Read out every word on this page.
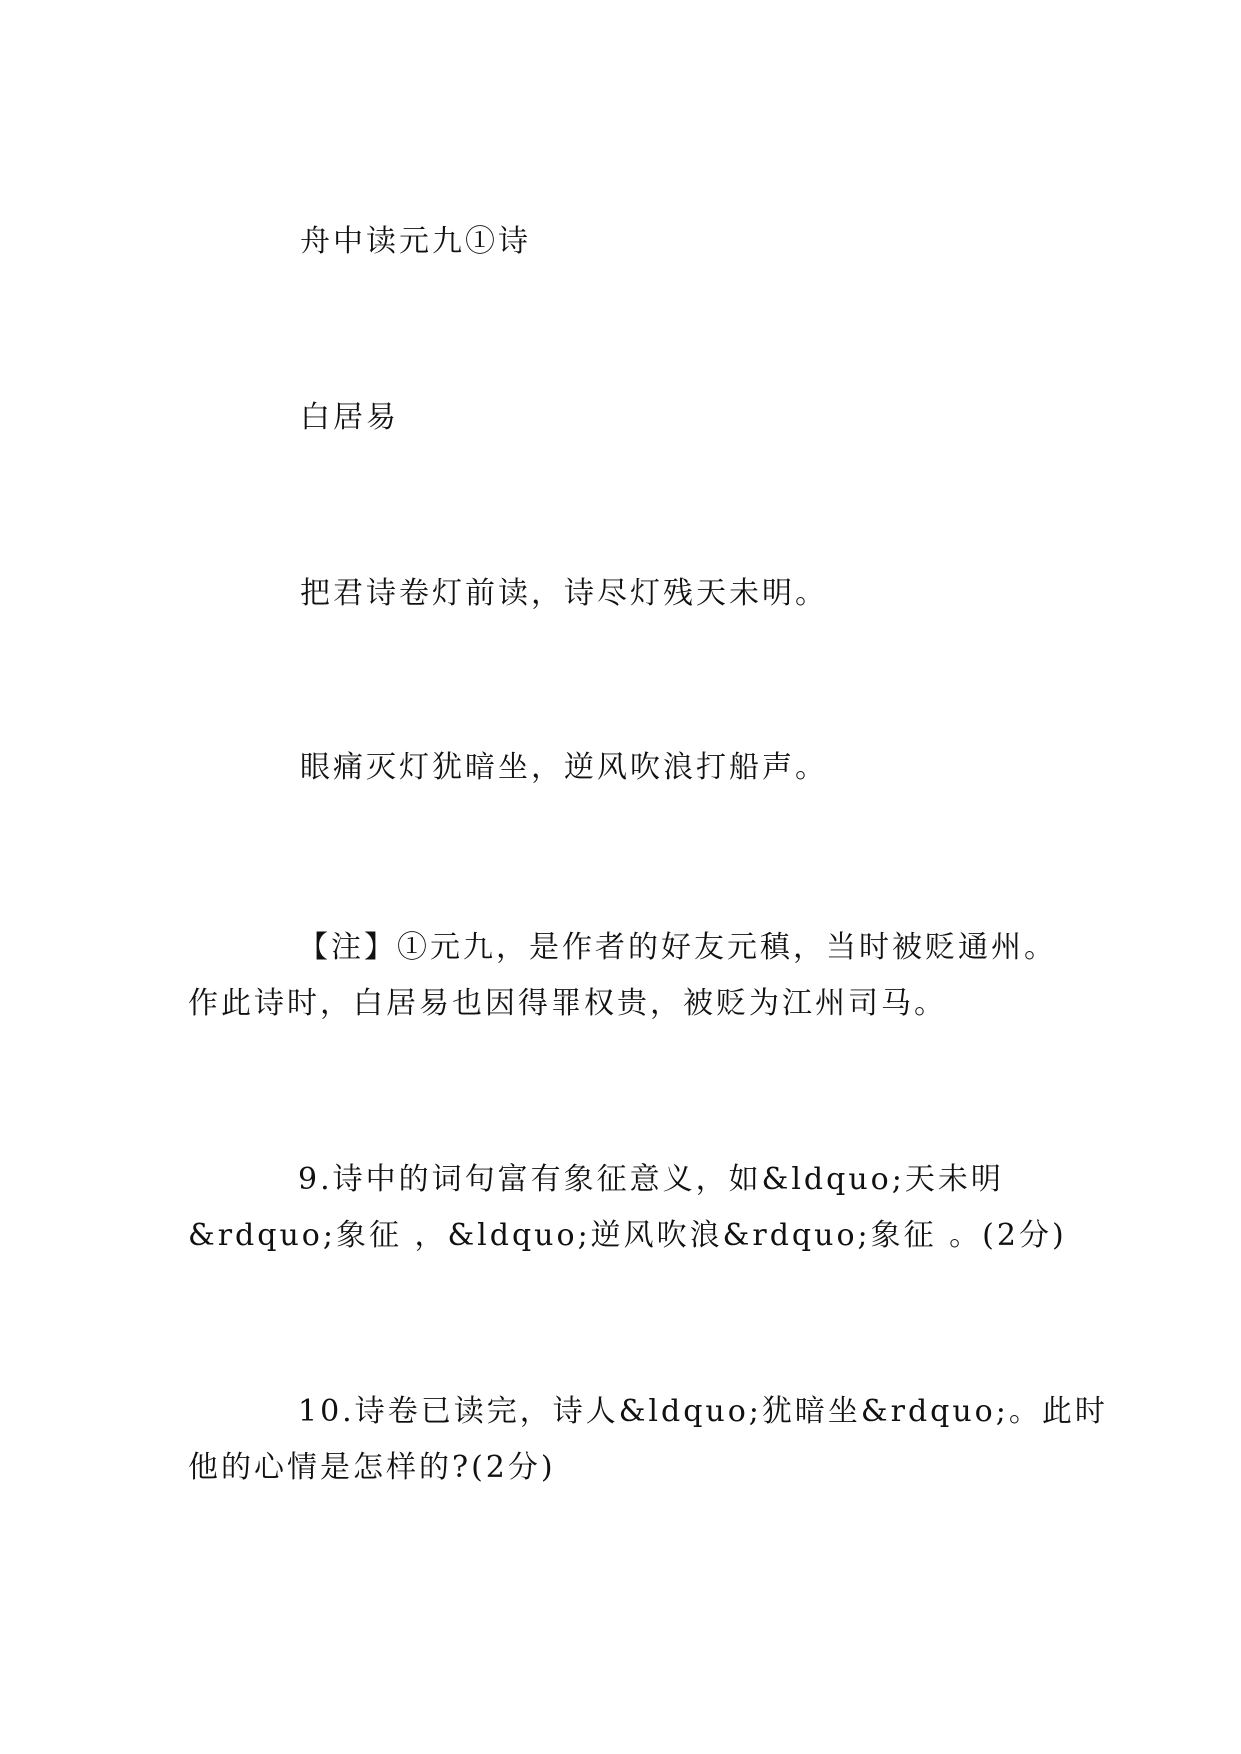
舟中读元九①诗
白居易
把君诗卷灯前读，诗尽灯残天未明。
眼痛灭灯犹暗坐，逆风吹浪打船声。
【注】①元九，是作者的好友元稹，当时被贬通州。
作此诗时，白居易也因得罪权贵，被贬为江州司马。
9.诗中的词句富有象征意义，如&ldquo;天未明
&rdquo;象征 ，&ldquo;逆风吹浪&rdquo;象征 。(2分)
10.诗卷已读完，诗人&ldquo;犹暗坐&rdquo;。此时
他的心情是怎样的?(2分)
